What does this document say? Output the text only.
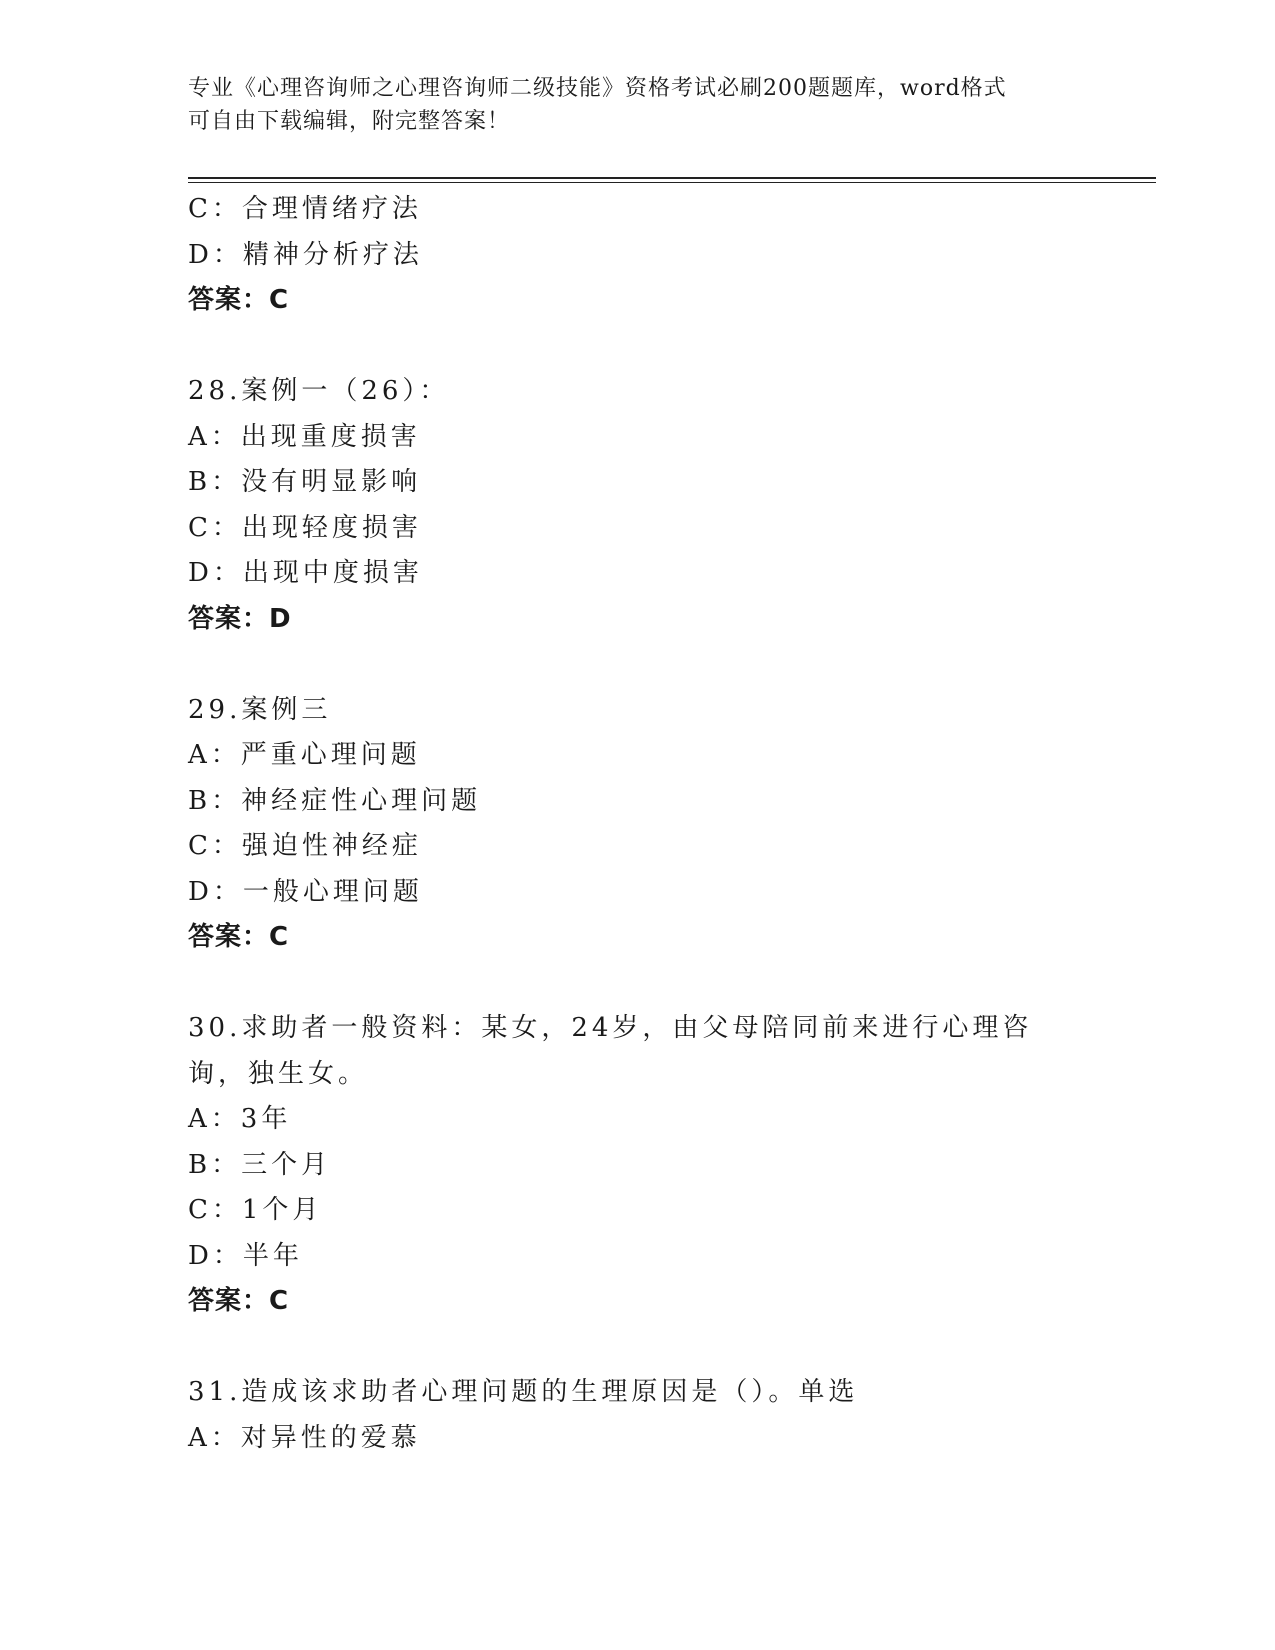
专业《心理咨询师之心理咨询师二级技能》资格考试必刷200题题库，word格式
可自由下载编辑，附完整答案！
C：合理情绪疗法
D：精神分析疗法
答案：C
28.案例一（26）：
A：出现重度损害
B：没有明显影响
C：出现轻度损害
D：出现中度损害
答案：D
29.案例三
A：严重心理问题
B：神经症性心理问题
C：强迫性神经症
D：一般心理问题
答案：C
30.求助者一般资料：某女，24岁，由父母陪同前来进行心理咨询，独生女。
A：3年
B：三个月
C：1个月
D：半年
答案：C
31.造成该求助者心理问题的生理原因是（）。单选
A：对异性的爱慕
